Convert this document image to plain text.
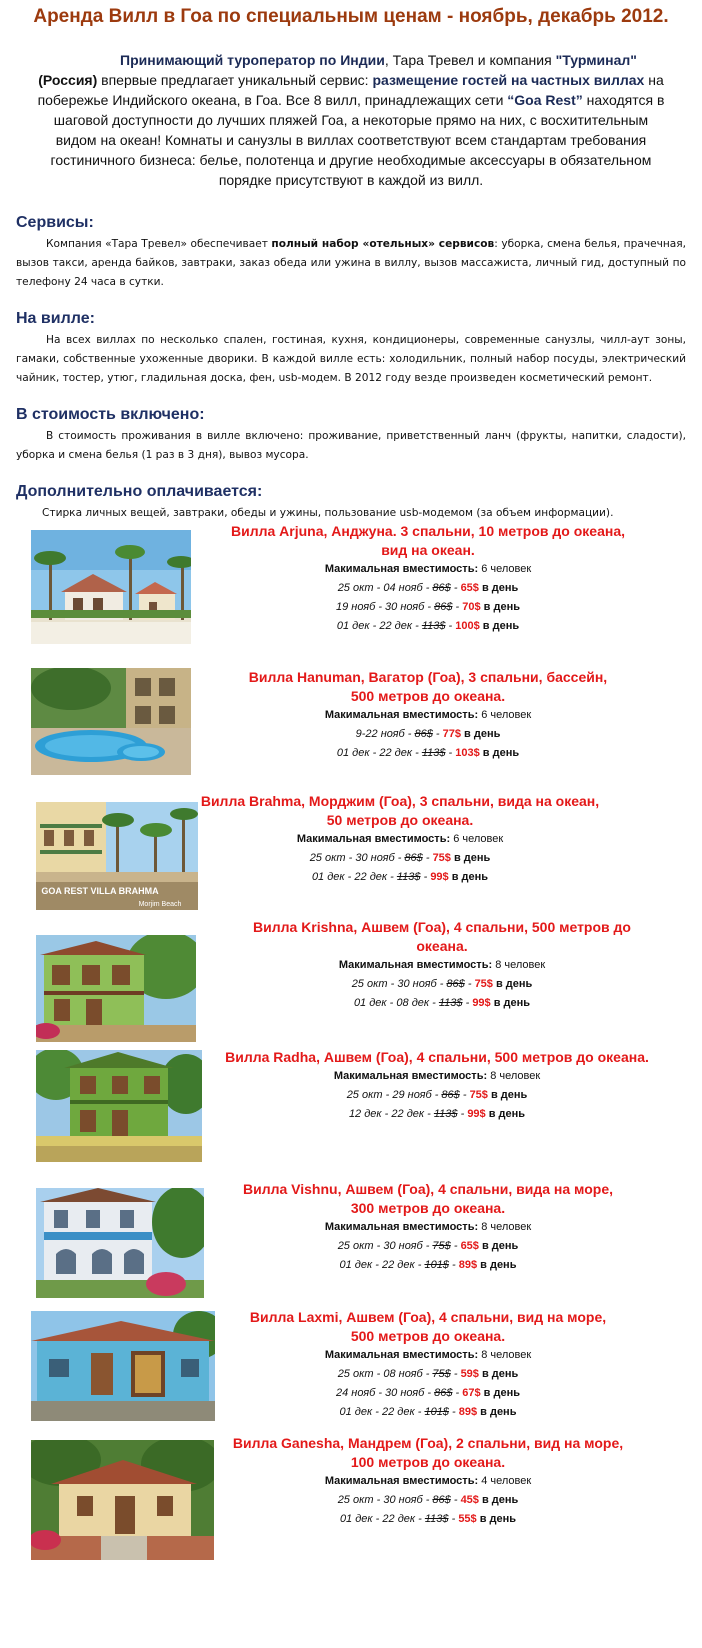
Аренда Вилл в Гоа по специальным ценам - ноябрь, декабрь 2012.
Принимающий туроператор по Индии, Тара Тревел и компания "Турминал"
(Россия) впервые предлагает уникальный сервис: размещение гостей на частных виллах на побережье Индийского океана, в Гоа. Все 8 вилл, принадлежащих сети “Goa Rest” находятся в шаговой доступности до лучших пляжей Гоа, а некоторые прямо на них, с восхитительным видом на океан! Комнаты и санузлы в виллах соответствуют всем стандартам требования гостиничного бизнеса: белье, полотенца и другие необходимые аксессуары в обязательном порядке присутствуют в каждой из вилл.
Сервисы:
Компания «Тара Тревел» обеспечивает полный набор «отельных» сервисов: уборка, смена белья, прачечная, вызов такси, аренда байков, завтраки, заказ обеда или ужина в виллу, вызов массажиста, личный гид, доступный по телефону 24 часа в сутки.
На вилле:
На всех виллах по несколько спален, гостиная, кухня, кондиционеры, современные санузлы, чилл-аут зоны, гамаки, собственные ухоженные дворики. В каждой вилле есть: холодильник, полный набор посуды, электрический чайник, тостер, утюг, гладильная доска, фен, usb-модем. В 2012 году везде произведен косметический ремонт.
В стоимость включено:
В стоимость проживания в вилле включено: проживание, приветственный ланч (фрукты, напитки, сладости), уборка и смена белья (1 раз в 3 дня), вывоз мусора.
Дополнительно оплачивается:
Стирка личных вещей, завтраки, обеды и ужины, пользование usb-модемом (за объем информации).
Вилла Arjuna, Анджуна. 3 спальни, 10 метров до океана,
вид на океан.
Макимальная вместимость: 6 человек
25 окт - 04 нояб - 86$ - 65$ в день
19 нояб - 30 нояб - 86$ - 70$ в день
01 дек - 22 дек - 113$ - 100$ в день
Вилла Hanuman, Вагатор (Гоа), 3 спальни, бассейн,
500 метров до океана.
Макимальная вместимость: 6 человек
9-22 нояб - 86$ - 77$ в день
01 дек - 22 дек - 113$ - 103$ в день
GOA REST VILLA BRAHMA
Morjim Beach
Вилла Brahma, Морджим (Гоа), 3 спальни, вида на океан,
50 метров до океана.
Макимальная вместимость: 6 человек
25 окт - 30 нояб - 86$ - 75$ в день
01 дек - 22 дек - 113$ - 99$ в день
Вилла Krishna, Ашвем (Гоа), 4 спальни, 500 метров до
океана.
Макимальная вместимость: 8 человек
25 окт - 30 нояб - 86$ - 75$ в день
01 дек - 08 дек - 113$ - 99$ в день
Вилла Radha, Ашвем (Гоа), 4 спальни, 500 метров до океана.
Макимальная вместимость: 8 человек
25 окт - 29 нояб - 86$ - 75$ в день
12 дек - 22 дек - 113$ - 99$ в день
Вилла Vishnu, Ашвем (Гоа), 4 спальни, вида на море,
300 метров до океана.
Макимальная вместимость: 8 человек
25 окт - 30 нояб - 75$ - 65$ в день
01 дек - 22 дек - 101$ - 89$ в день
Вилла Laxmi, Ашвем (Гоа), 4 спальни, вид на море,
500 метров до океана.
Макимальная вместимость: 8 человек
25 окт - 08 нояб - 75$ - 59$ в день
24 нояб - 30 нояб - 86$ - 67$ в день
01 дек - 22 дек - 101$ - 89$ в день
Вилла Ganesha, Мандрем (Гоа), 2 спальни, вид на море,
100 метров до океана.
Макимальная вместимость: 4 человек
25 окт - 30 нояб - 86$ - 45$ в день
01 дек - 22 дек - 113$ - 55$ в день
